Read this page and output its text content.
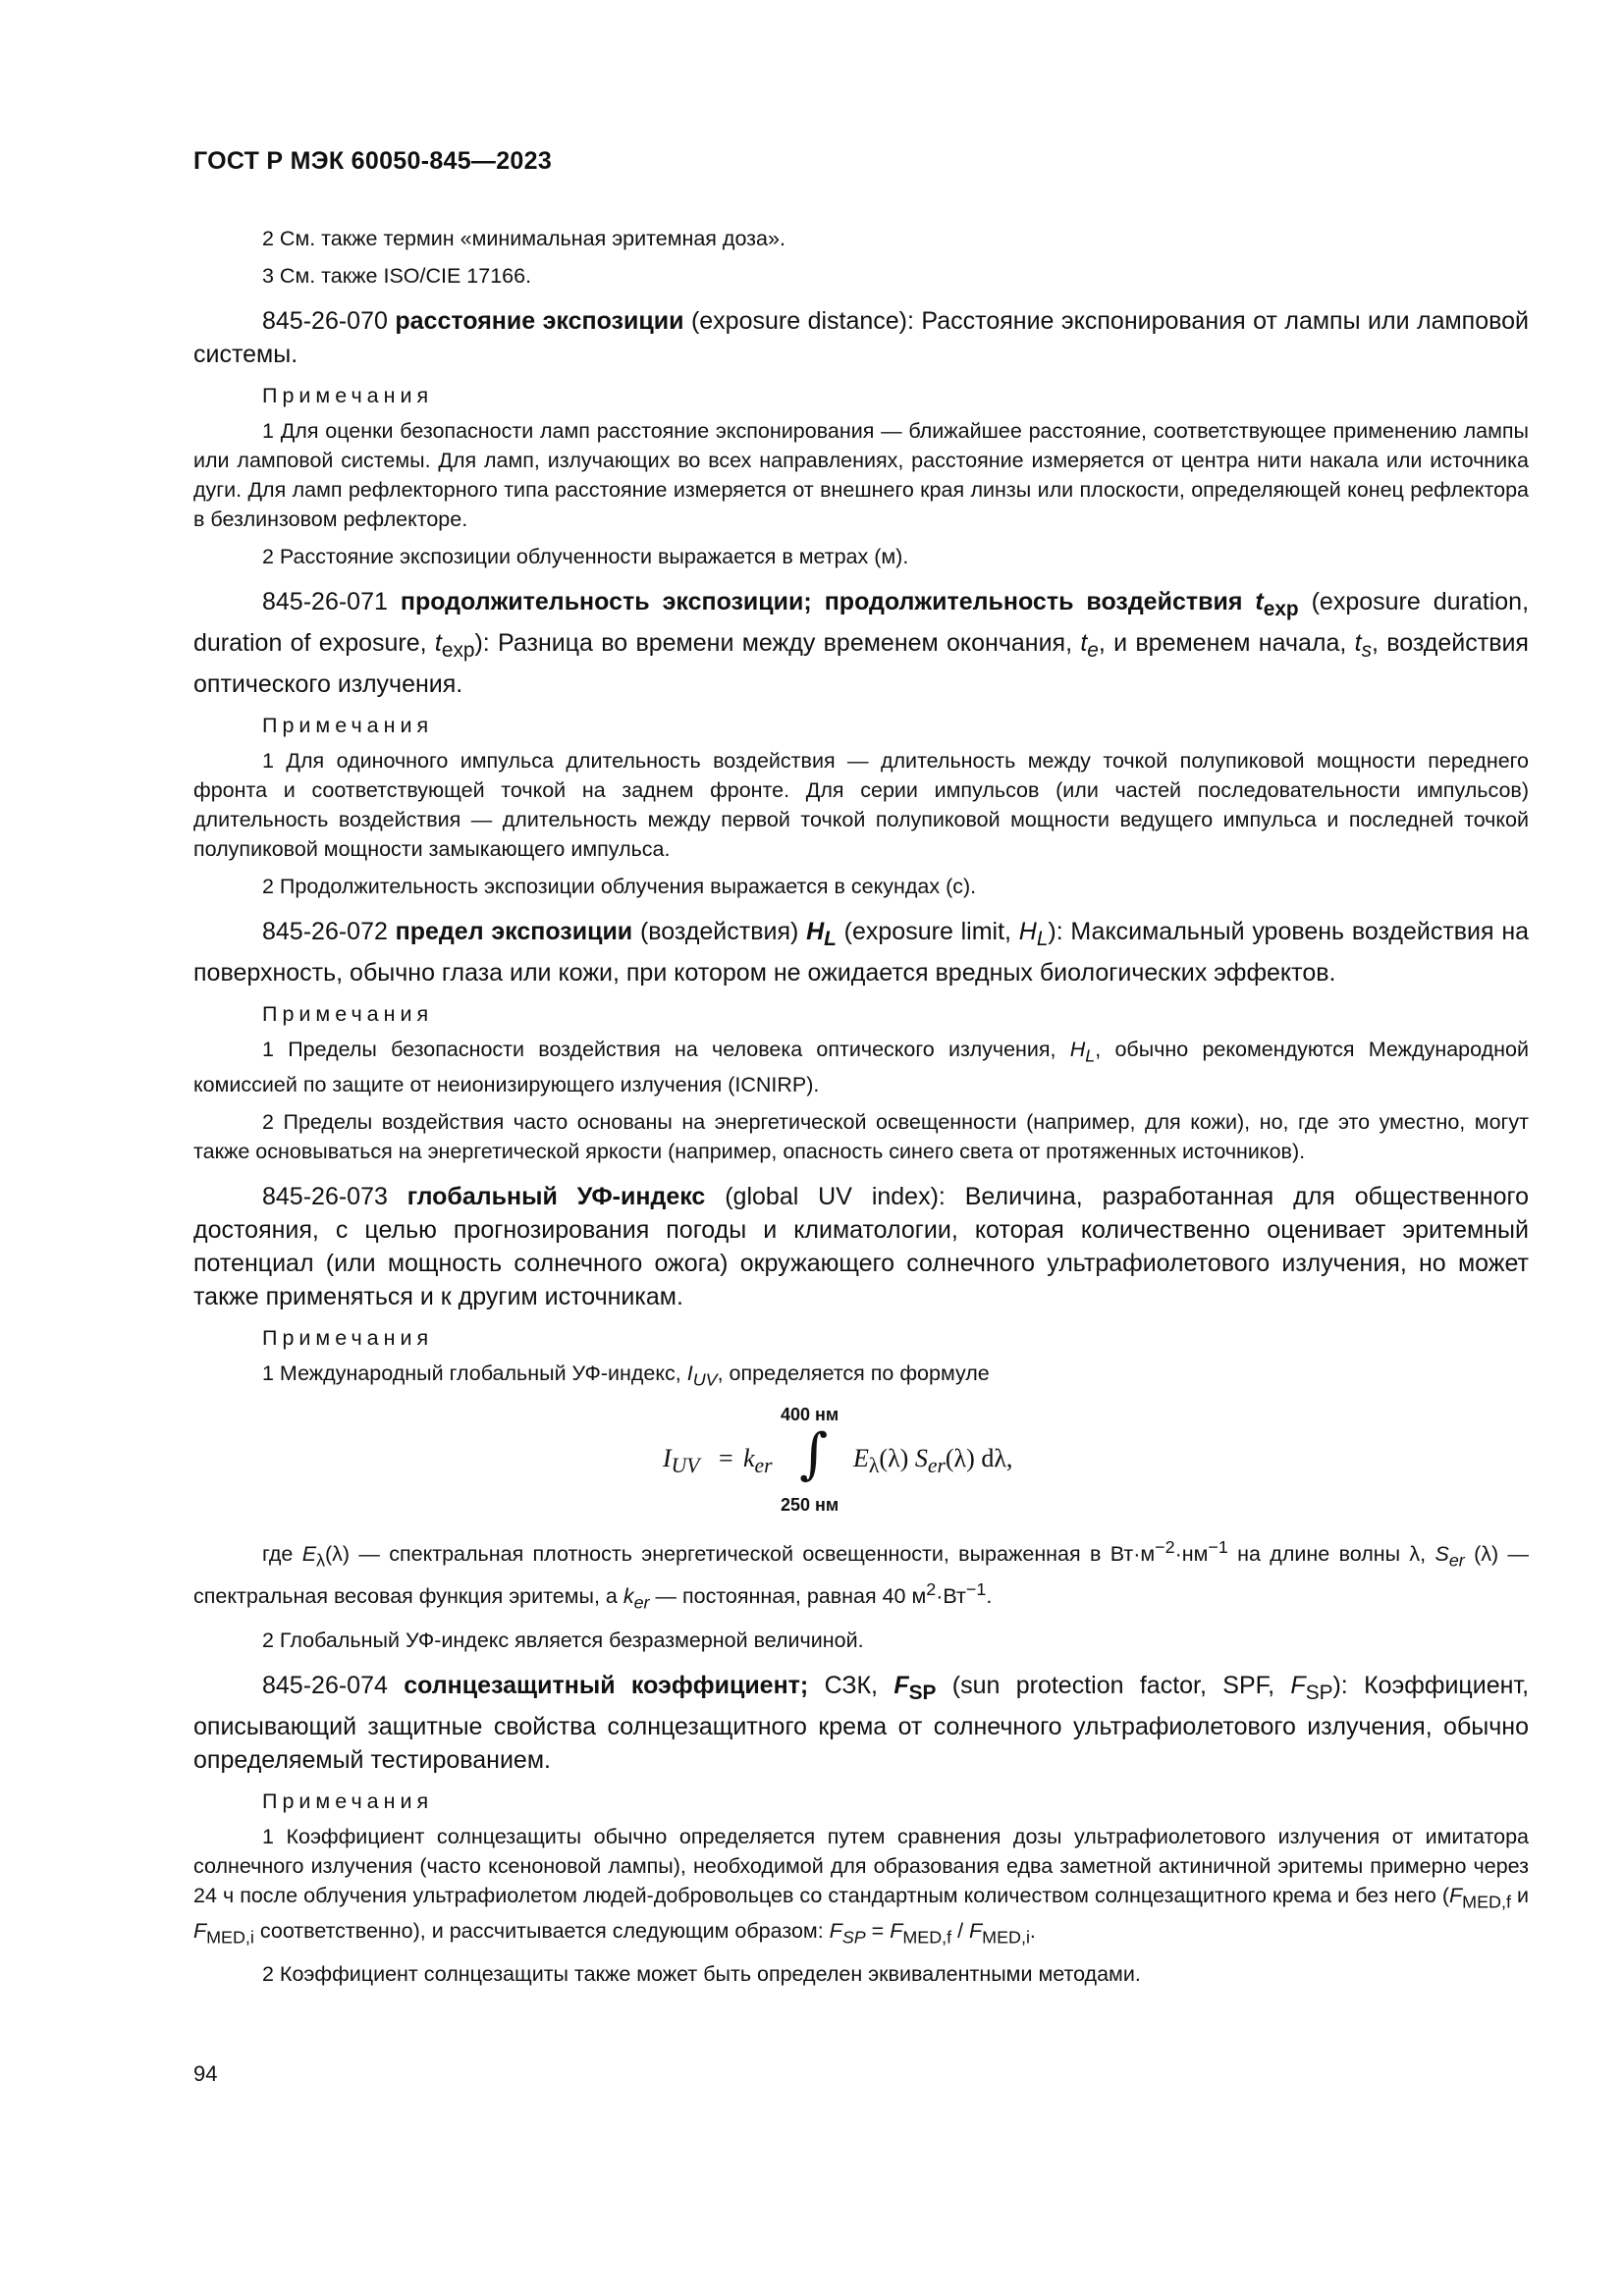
ГОСТ Р МЭК 60050-845—2023

2 См. также термин «минимальная эритемная доза».

3 См. также ISO/CIE 17166.

845-26-070 расстояние экспозиции (exposure distance): Расстояние экспонирования от лампы или ламповой системы.

Примечания

1 Для оценки безопасности ламп расстояние экспонирования — ближайшее расстояние, соответствующее применению лампы или ламповой системы. Для ламп, излучающих во всех направлениях, расстояние измеряется от центра нити накала или источника дуги. Для ламп рефлекторного типа расстояние измеряется от внешнего края линзы или плоскости, определяющей конец рефлектора в безлинзовом рефлекторе.

2 Расстояние экспозиции облученности выражается в метрах (м).

845-26-071 продолжительность экспозиции; продолжительность воздействия $t_{exp}$ (exposure duration, duration of exposure, $t_{exp}$): Разница во времени между временем окончания, $t_e$, и временем начала, $t_s$, воздействия оптического излучения.

Примечания

1 Для одиночного импульса длительность воздействия — длительность между точкой полупиковой мощности переднего фронта и соответствующей точкой на заднем фронте. Для серии импульсов (или частей последовательности импульсов) длительность воздействия — длительность между первой точкой полупиковой мощности ведущего импульса и последней точкой полупиковой мощности замыкающего импульса.

2 Продолжительность экспозиции облучения выражается в секундах (с).

845-26-072 предел экспозиции (воздействия) $H_L$ (exposure limit, $H_L$): Максимальный уровень воздействия на поверхность, обычно глаза или кожи, при котором не ожидается вредных биологических эффектов.

Примечания

1 Пределы безопасности воздействия на человека оптического излучения, $H_L$, обычно рекомендуются Международной комиссией по защите от неионизирующего излучения (ICNIRP).

2 Пределы воздействия часто основаны на энергетической освещенности (например, для кожи), но, где это уместно, могут также основываться на энергетической яркости (например, опасность синего света от протяженных источников).

845-26-073 глобальный УФ-индекс (global UV index): Величина, разработанная для общественного достояния, с целью прогнозирования погоды и климатологии, которая количественно оценивает эритемный потенциал (или мощность солнечного ожога) окружающего солнечного ультрафиолетового излучения, но может также применяться и к другим источникам.

Примечания

1 Международный глобальный УФ-индекс, $I_{UV}$, определяется по формуле

$I_{UV} = k_{er}$
400 нм
∫
250 нм
$E_\lambda(\lambda)$ $S_{er}(\lambda)$ dλ,

где $E_\lambda(\lambda)$ — спектральная плотность энергетической освещенности, выраженная в $Вт\cdot м^{-2}\cdot нм^{-1}$ на длине волны λ, $S_{er}$ (λ) — спектральная весовая функция эритемы, а $k_{er}$ — постоянная, равная 40 $м^2\cdot Вт^{-1}$.

2 Глобальный УФ-индекс является безразмерной величиной.

845-26-074 солнцезащитный коэффициент; СЗК, $F_{SP}$ (sun protection factor, SPF, $F_{SP}$): Коэффициент, описывающий защитные свойства солнцезащитного крема от солнечного ультрафиолетового излучения, обычно определяемый тестированием.

Примечания

1 Коэффициент солнцезащиты обычно определяется путем сравнения дозы ультрафиолетового излучения от имитатора солнечного излучения (часто ксеноновой лампы), необходимой для образования едва заметной актиничной эритемы примерно через 24 ч после облучения ультрафиолетом людей-добровольцев со стандартным количеством солнцезащитного крема и без него ($F_{MED,f}$ и $F_{MED,i}$ соответственно), и рассчитывается следующим образом: $F_{SP} = F_{MED,f} / F_{MED,i}$.

2 Коэффициент солнцезащиты также может быть определен эквивалентными методами.

94
